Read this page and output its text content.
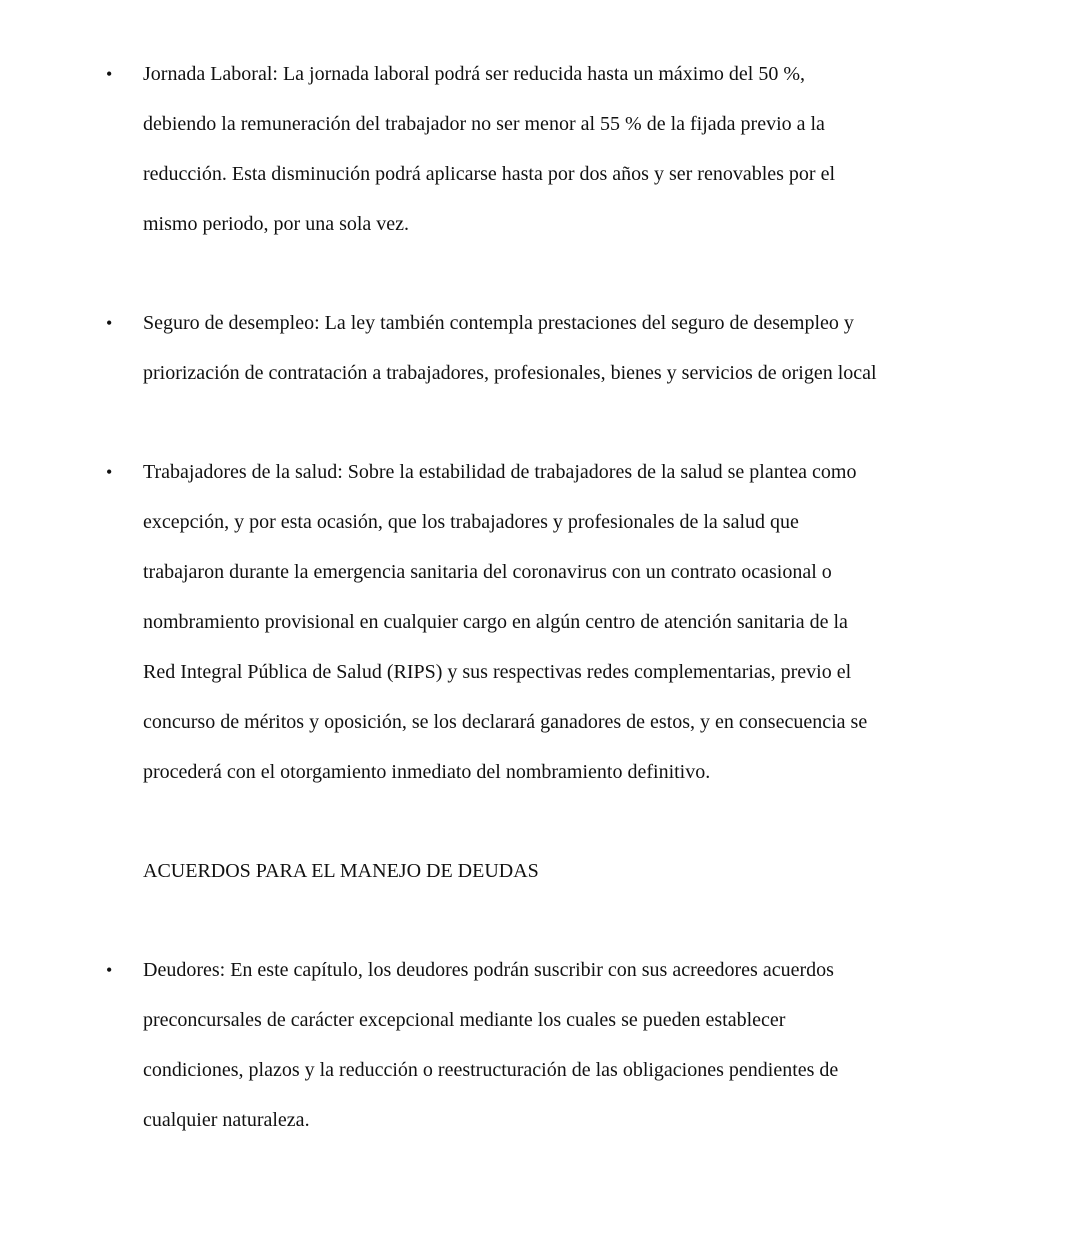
•	Jornada Laboral: La jornada laboral podrá ser reducida hasta un máximo del 50 %,
debiendo la remuneración del trabajador no ser menor al 55 % de la fijada previo a la
reducción. Esta disminución podrá aplicarse hasta por dos años y ser renovables por el
mismo periodo, por una sola vez.
•	Seguro de desempleo: La ley también contempla prestaciones del seguro de desempleo y
priorización de contratación a trabajadores, profesionales, bienes y servicios de origen local
•	Trabajadores de la salud: Sobre la estabilidad de trabajadores de la salud se plantea como
excepción, y por esta ocasión, que los trabajadores y profesionales de la salud que
trabajaron durante la emergencia sanitaria del coronavirus con un contrato ocasional o
nombramiento provisional en cualquier cargo en algún centro de atención sanitaria de la
Red Integral Pública de Salud (RIPS) y sus respectivas redes complementarias, previo el
concurso de méritos y oposición, se los declarará ganadores de estos, y en consecuencia se
procederá con el otorgamiento inmediato del nombramiento definitivo.
ACUERDOS PARA EL MANEJO DE DEUDAS
•	Deudores: En este capítulo, los deudores podrán suscribir con sus acreedores acuerdos
preconcursales de carácter excepcional mediante los cuales se pueden establecer
condiciones, plazos y la reducción o reestructuración de las obligaciones pendientes de
cualquier naturaleza.
